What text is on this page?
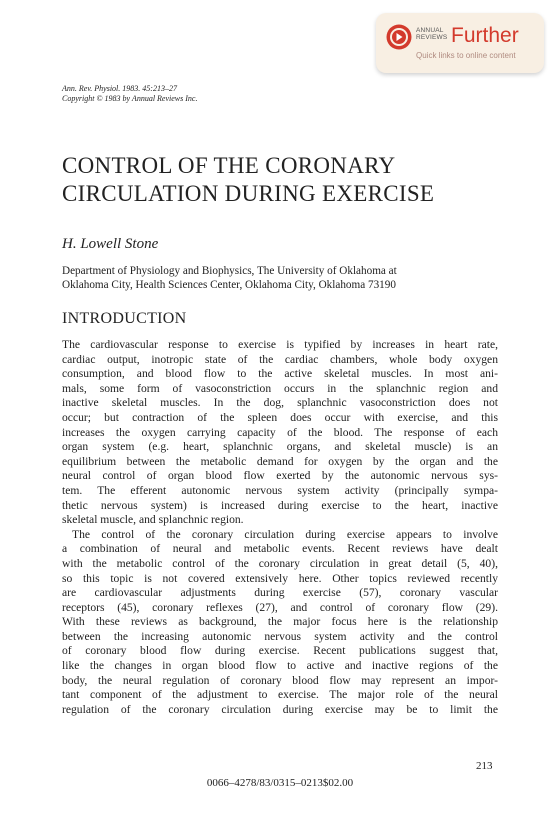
ANNUAL
REVIEWS Further
Quick links to online content
Ann. Rev. Physiol. 1983. 45:213–27
Copyright © 1983 by Annual Reviews Inc.
CONTROL OF THE CORONARY
CIRCULATION DURING EXERCISE
H. Lowell Stone
Department of Physiology and Biophysics, The University of Oklahoma at
Oklahoma City, Health Sciences Center, Oklahoma City, Oklahoma 73190
INTRODUCTION
The cardiovascular response to exercise is typified by increases in heart rate,
cardiac output, inotropic state of the cardiac chambers, whole body oxygen
consumption, and blood flow to the active skeletal muscles. In most ani-
mals, some form of vasoconstriction occurs in the splanchnic region and
inactive skeletal muscles. In the dog, splanchnic vasoconstriction does not
occur; but contraction of the spleen does occur with exercise, and this
increases the oxygen carrying capacity of the blood. The response of each
organ system (e.g. heart, splanchnic organs, and skeletal muscle) is an
equilibrium between the metabolic demand for oxygen by the organ and the
neural control of organ blood flow exerted by the autonomic nervous sys-
tem. The efferent autonomic nervous system activity (principally sympa-
thetic nervous system) is increased during exercise to the heart, inactive
skeletal muscle, and splanchnic region.
The control of the coronary circulation during exercise appears to involve
a combination of neural and metabolic events. Recent reviews have dealt
with the metabolic control of the coronary circulation in great detail (5, 40),
so this topic is not covered extensively here. Other topics reviewed recently
are cardiovascular adjustments during exercise (57), coronary vascular
receptors (45), coronary reflexes (27), and control of coronary flow (29).
With these reviews as background, the major focus here is the relationship
between the increasing autonomic nervous system activity and the control
of coronary blood flow during exercise. Recent publications suggest that,
like the changes in organ blood flow to active and inactive regions of the
body, the neural regulation of coronary blood flow may represent an impor-
tant component of the adjustment to exercise. The major role of the neural
regulation of the coronary circulation during exercise may be to limit the
213
0066–4278/83/0315–0213$02.00
